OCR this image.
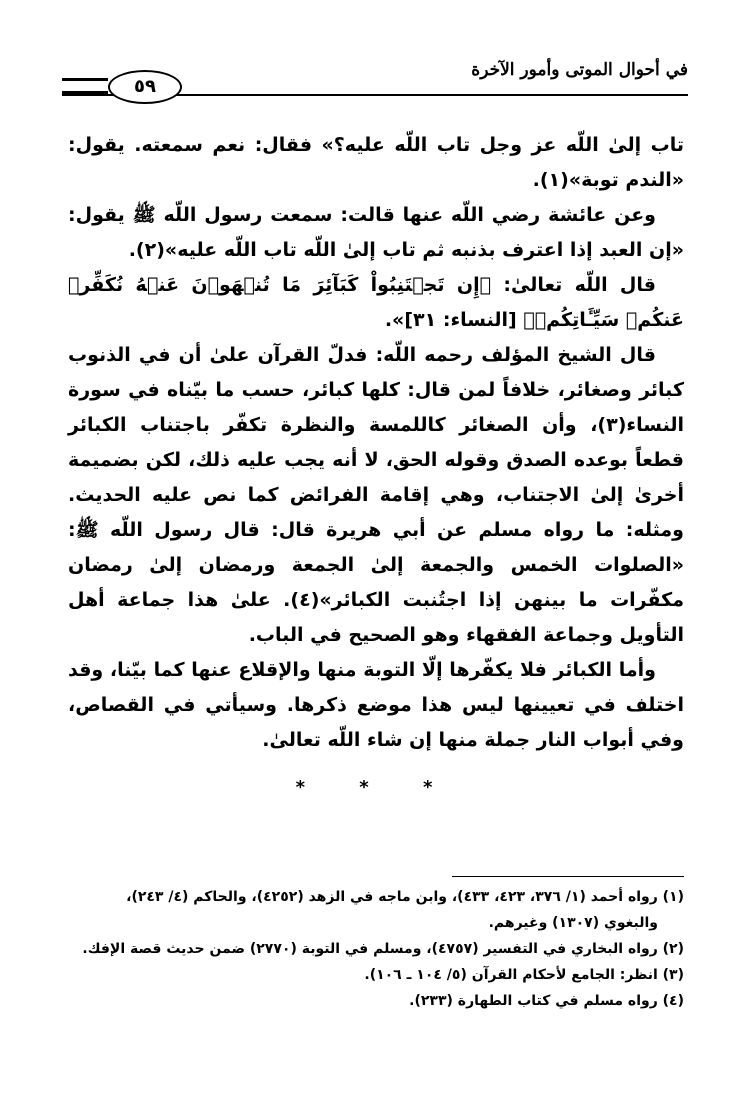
في أحوال الموتى وأمور الآخرة
٥٩

تاب إلىٰ اللّه عز وجل تاب اللّه عليه؟» فقال: نعم سمعته. يقول: «الندم توبة»(١).

وعن عائشة رضي اللّه عنها قالت: سمعت رسول اللّه ﷺ يقول: «إن العبد إذا اعترف بذنبه ثم تاب إلىٰ اللّه تاب اللّه عليه»(٢).

قال اللّه تعالىٰ: ﴿إِن تَجۡتَنِبُواْ كَبَآئِرَ مَا تُنۡهَوۡنَ عَنۡهُ نُكَفِّرۡ عَنكُمۡ سَيِّـَٔاتِكُمۡ﴾ [النساء: ٣١]».

قال الشيخ المؤلف رحمه اللّه: فدلّ القرآن علىٰ أن في الذنوب كبائر وصغائر، خلافاً لمن قال: كلها كبائر، حسب ما بيّناه في سورة النساء(٣)، وأن الصغائر كاللمسة والنظرة تكفّر باجتناب الكبائر قطعاً بوعده الصدق وقوله الحق، لا أنه يجب عليه ذلك، لكن بضميمة أخرىٰ إلىٰ الاجتناب، وهي إقامة الفرائض كما نص عليه الحديث. ومثله: ما رواه مسلم عن أبي هريرة قال: قال رسول اللّه ﷺ: «الصلوات الخمس والجمعة إلىٰ الجمعة ورمضان إلىٰ رمضان مكفّرات ما بينهن إذا اجتُنبت الكبائر»(٤). علىٰ هذا جماعة أهل التأويل وجماعة الفقهاء وهو الصحيح في الباب.

وأما الكبائر فلا يكفّرها إلّا التوبة منها والإقلاع عنها كما بيّنا، وقد اختلف في تعيينها ليس هذا موضع ذكرها. وسيأتي في القصاص، وفي أبواب النار جملة منها إن شاء اللّه تعالىٰ.

* * *

(١) رواه أحمد (١/ ٣٧٦، ٤٢٣، ٤٣٣)، وابن ماجه في الزهد (٤٢٥٢)، والحاكم (٤/ ٢٤٣)،

والبغوي (١٣٠٧) وغيرهم.

(٢) رواه البخاري في التفسير (٤٧٥٧)، ومسلم في التوبة (٢٧٧٠) ضمن حديث قصة الإفك.

(٣) انظر: الجامع لأحكام القرآن (٥/ ١٠٤ ـ ١٠٦).

(٤) رواه مسلم في كتاب الطهارة (٢٣٣).
